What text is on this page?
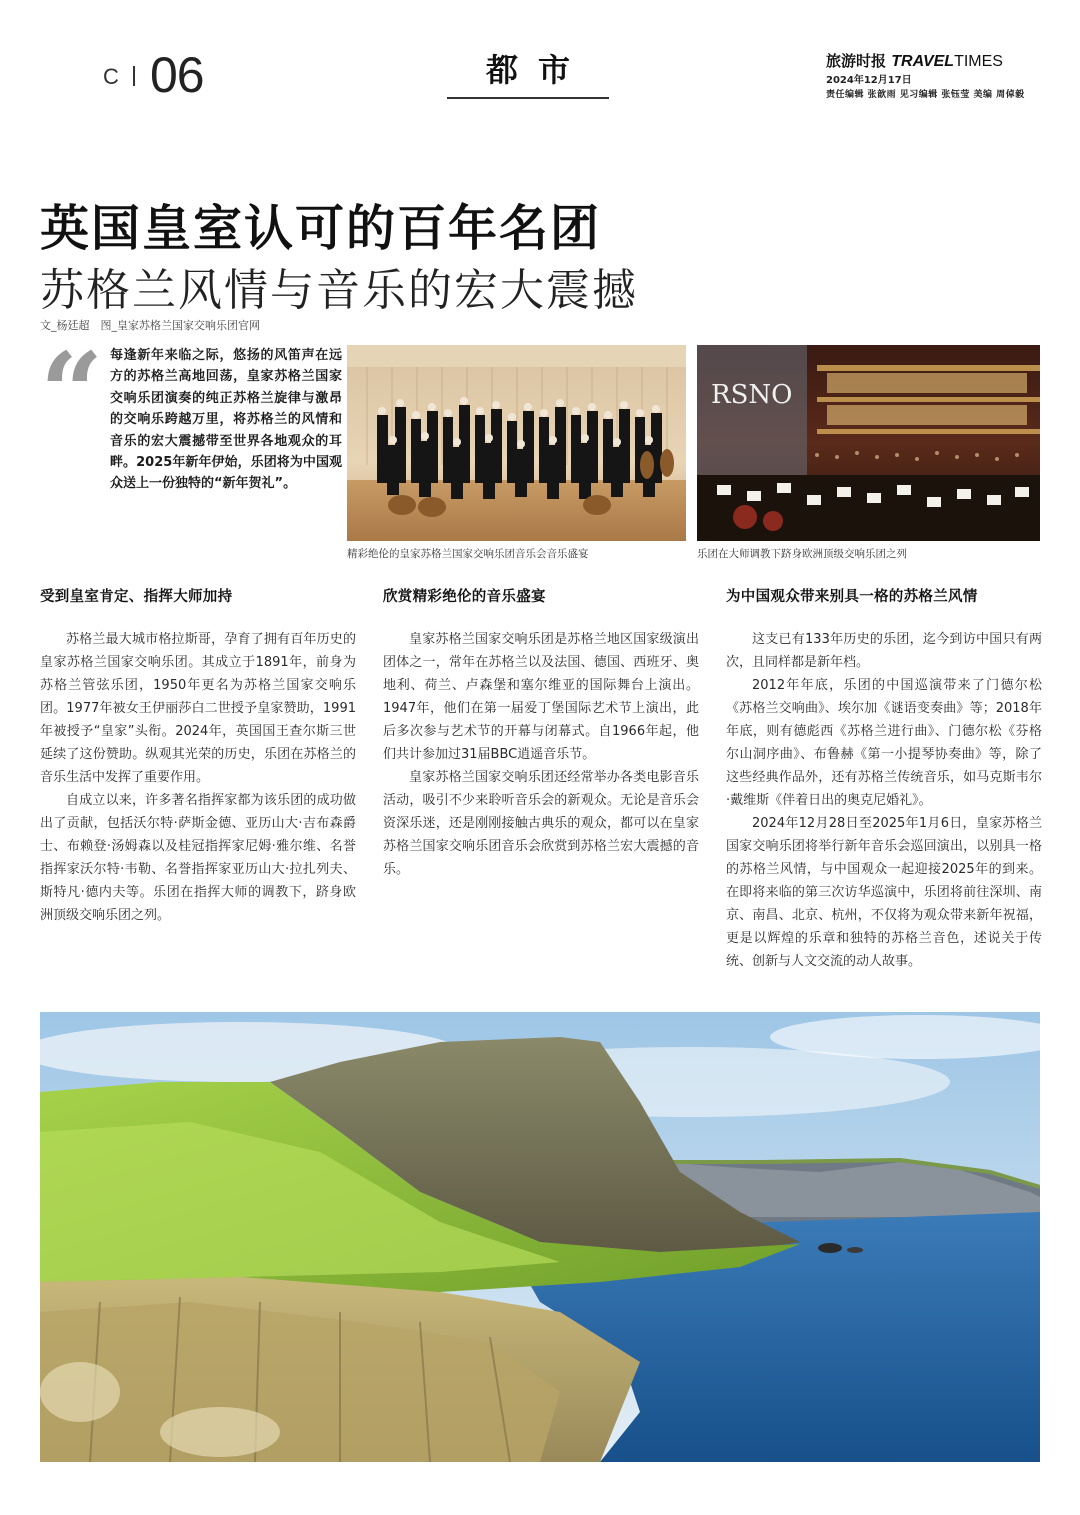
C 06	都市	旅游时报 TRAVELTIMES
2024年12月17日
责任编辑 张歆雨 见习编辑 张钰莹 美编 周倬毅
英国皇室认可的百年名团
苏格兰风情与音乐的宏大震撼
文_杨廷超　图_皇家苏格兰国家交响乐团官网
“ 每逢新年来临之际，悠扬的风笛声在远方的苏格兰高地回荡，皇家苏格兰国家交响乐团演奏的纯正苏格兰旋律与激昂的交响乐跨越万里，将苏格兰的风情和音乐的宏大震撼带至世界各地观众的耳畔。2025年新年伊始，乐团将为中国观众送上一份独特的“新年贺礼”。
精彩绝伦的皇家苏格兰国家交响乐团音乐会音乐盛宴
RSNO
乐团在大师调教下跻身欧洲顶级交响乐团之列
受到皇室肯定、指挥大师加持

苏格兰最大城市格拉斯哥，孕育了拥有百年历史的皇家苏格兰国家交响乐团。其成立于1891年，前身为苏格兰管弦乐团，1950年更名为苏格兰国家交响乐团。1977年被女王伊丽莎白二世授予皇家赞助，1991年被授予“皇家”头衔。2024年，英国国王查尔斯三世延续了这份赞助。纵观其光荣的历史，乐团在苏格兰的音乐生活中发挥了重要作用。

自成立以来，许多著名指挥家都为该乐团的成功做出了贡献，包括沃尔特·萨斯金德、亚历山大·吉布森爵士、布赖登·汤姆森以及桂冠指挥家尼姆·雅尔维、名誉指挥家沃尔特·韦勒、名誉指挥家亚历山大·拉扎列夫、斯特凡·德内夫等。乐团在指挥大师的调教下，跻身欧洲顶级交响乐团之列。

欣赏精彩绝伦的音乐盛宴

皇家苏格兰国家交响乐团是苏格兰地区国家级演出团体之一，常年在苏格兰以及法国、德国、西班牙、奥地利、荷兰、卢森堡和塞尔维亚的国际舞台上演出。1947年，他们在第一届爱丁堡国际艺术节上演出，此后多次参与艺术节的开幕与闭幕式。自1966年起，他们共计参加过31届BBC逍遥音乐节。

皇家苏格兰国家交响乐团还经常举办各类电影音乐活动，吸引不少来聆听音乐会的新观众。无论是音乐会资深乐迷，还是刚刚接触古典乐的观众，都可以在皇家苏格兰国家交响乐团音乐会欣赏到苏格兰宏大震撼的音乐。

为中国观众带来别具一格的苏格兰风情

这支已有133年历史的乐团，迄今到访中国只有两次，且同样都是新年档。

2012年年底，乐团的中国巡演带来了门德尔松《苏格兰交响曲》、埃尔加《谜语变奏曲》等；2018年年底，则有德彪西《苏格兰进行曲》、门德尔松《芬格尔山洞序曲》、布鲁赫《第一小提琴协奏曲》等，除了这些经典作品外，还有苏格兰传统音乐，如马克斯韦尔·戴维斯《伴着日出的奥克尼婚礼》。

2024年12月28日至2025年1月6日，皇家苏格兰国家交响乐团将举行新年音乐会巡回演出，以别具一格的苏格兰风情，与中国观众一起迎接2025年的到来。在即将来临的第三次访华巡演中，乐团将前往深圳、南京、南昌、北京、杭州，不仅将为观众带来新年祝福，更是以辉煌的乐章和独特的苏格兰音色，述说关于传统、创新与人文交流的动人故事。
